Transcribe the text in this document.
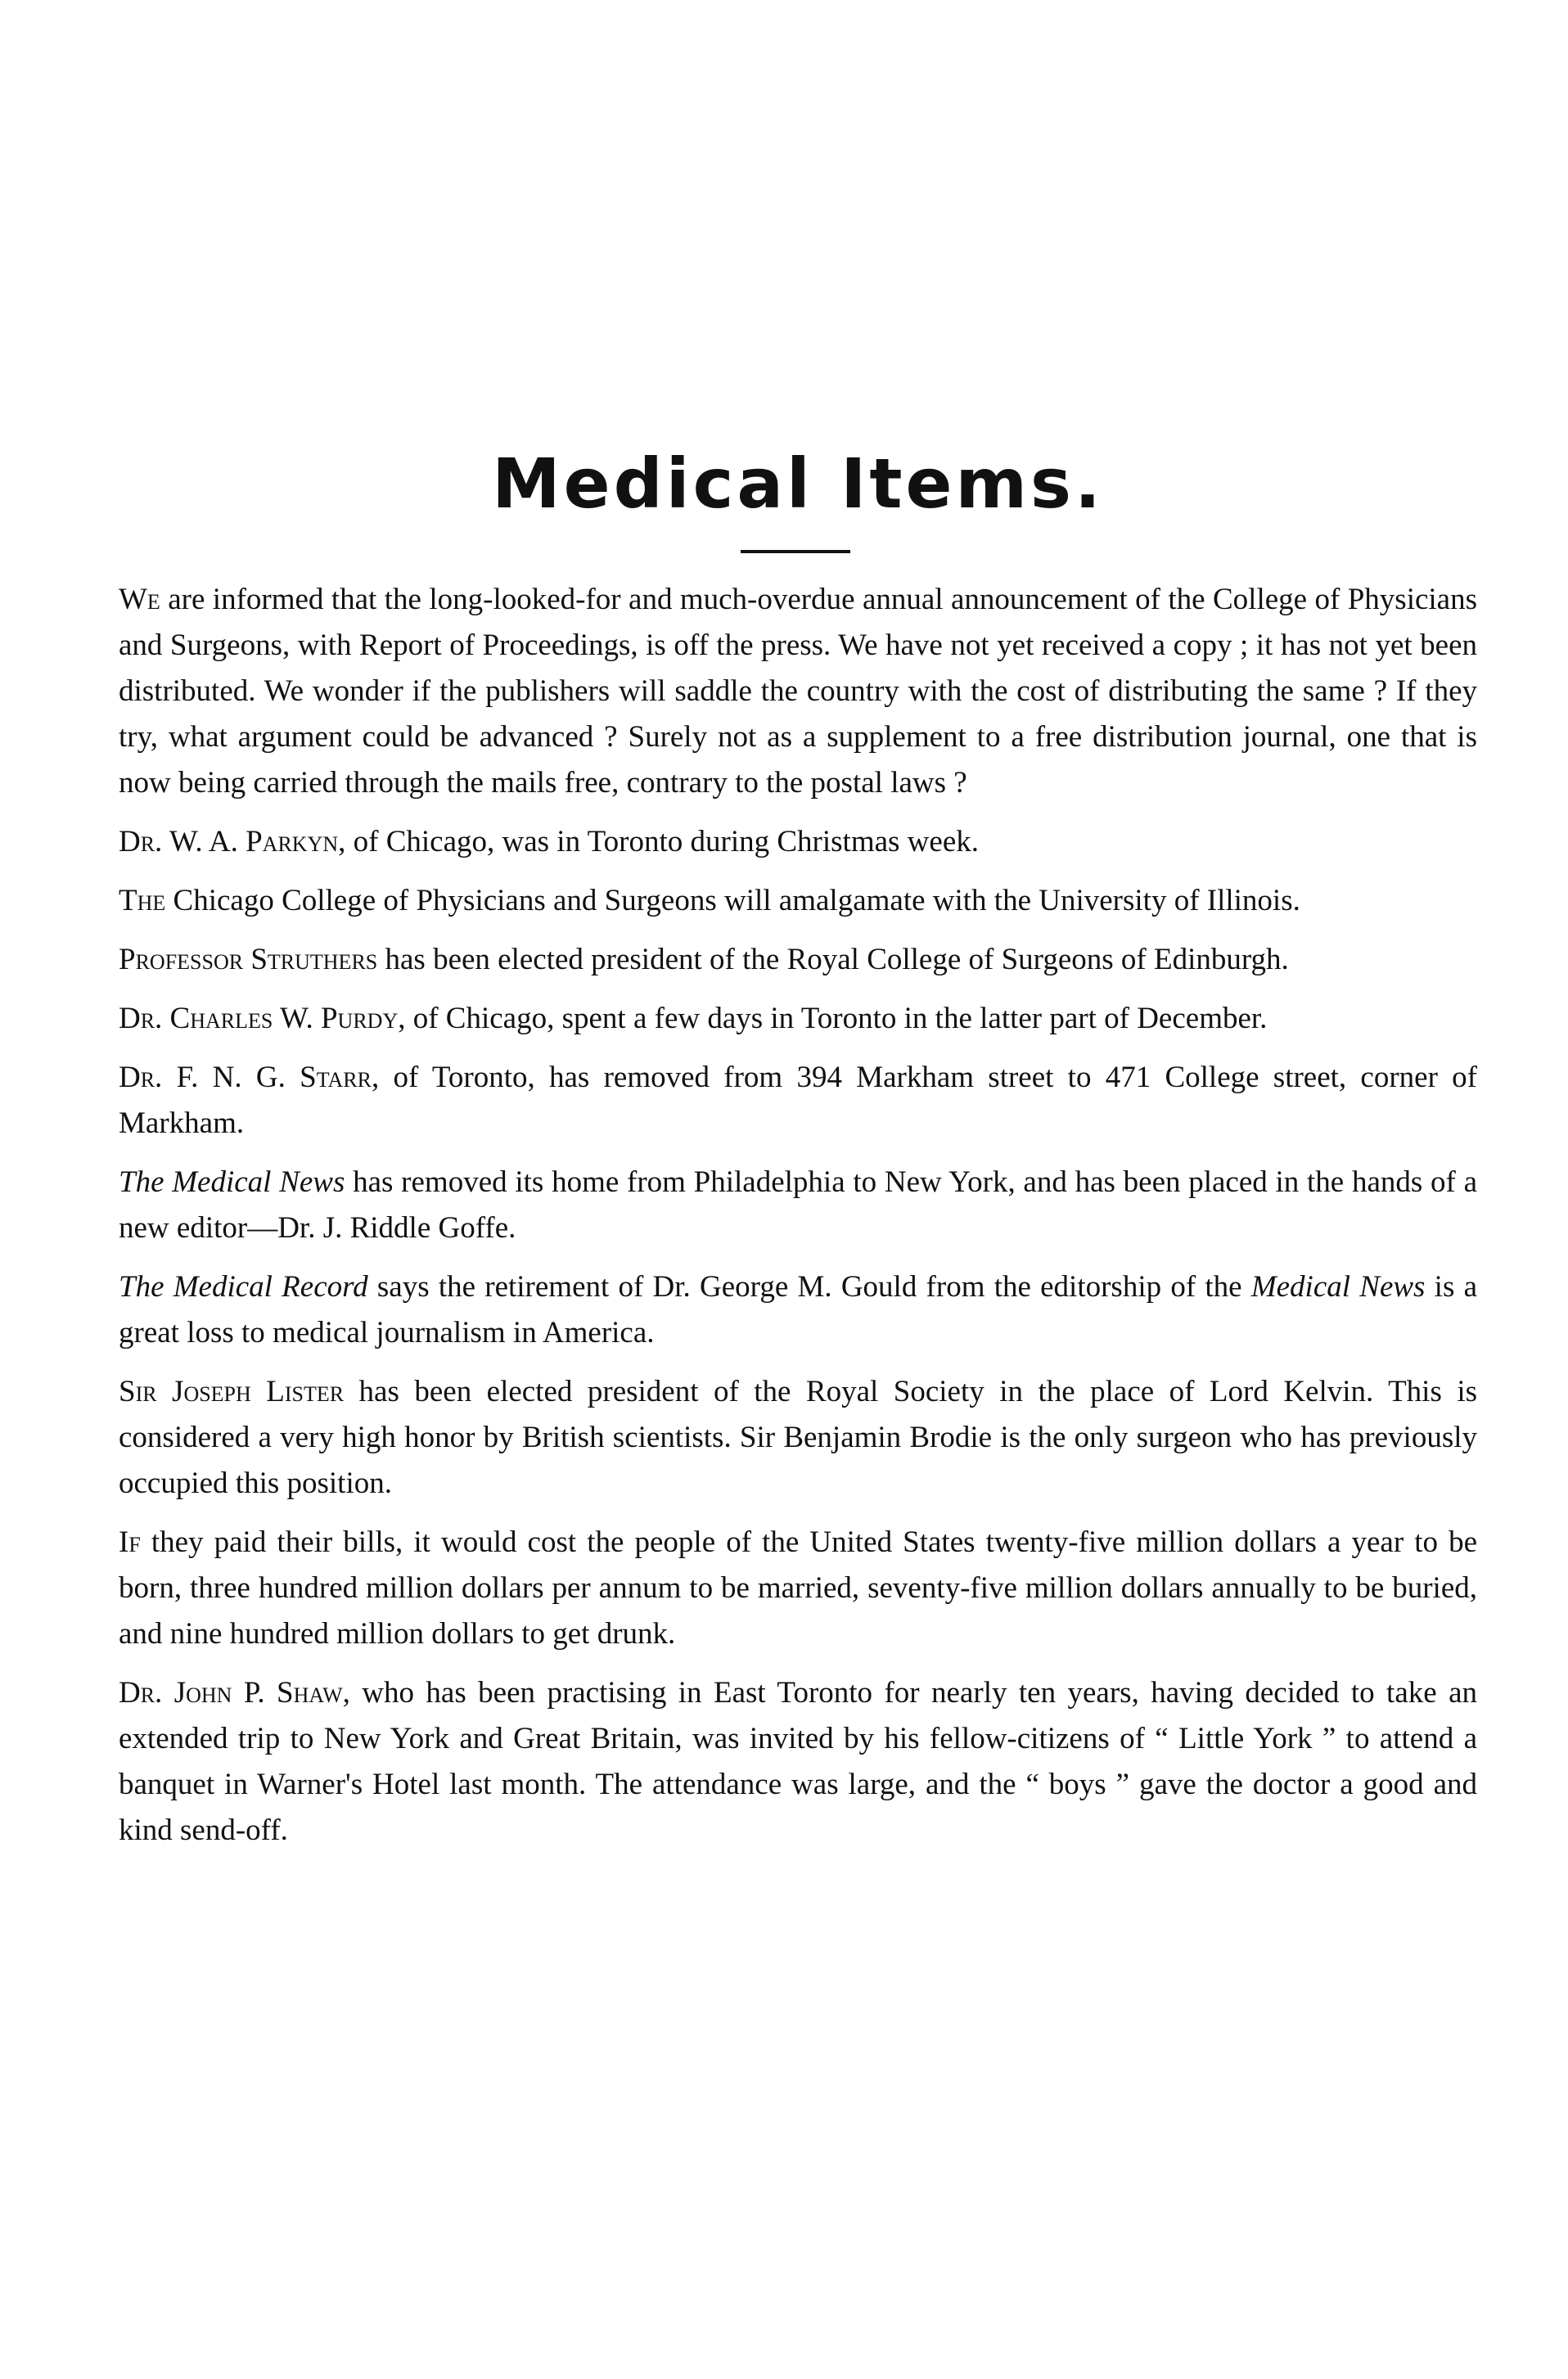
Medical Items.

We are informed that the long-looked-for and much-overdue annual announcement of the College of Physicians and Surgeons, with Report of Proceedings, is off the press. We have not yet received a copy ; it has not yet been distributed. We wonder if the publishers will saddle the country with the cost of distributing the same ? If they try, what argument could be advanced ? Surely not as a supplement to a free distribution journal, one that is now being carried through the mails free, contrary to the postal laws ?

Dr. W. A. Parkyn, of Chicago, was in Toronto during Christmas week.

The Chicago College of Physicians and Surgeons will amalgamate with the University of Illinois.

Professor Struthers has been elected president of the Royal College of Surgeons of Edinburgh.

Dr. Charles W. Purdy, of Chicago, spent a few days in Toronto in the latter part of December.

Dr. F. N. G. Starr, of Toronto, has removed from 394 Markham street to 471 College street, corner of Markham.

The Medical News has removed its home from Philadelphia to New York, and has been placed in the hands of a new editor—Dr. J. Riddle Goffe.

The Medical Record says the retirement of Dr. George M. Gould from the editorship of the Medical News is a great loss to medical journalism in America.

Sir Joseph Lister has been elected president of the Royal Society in the place of Lord Kelvin. This is considered a very high honor by British scientists. Sir Benjamin Brodie is the only surgeon who has previously occupied this position.

If they paid their bills, it would cost the people of the United States twenty-five million dollars a year to be born, three hundred million dollars per annum to be married, seventy-five million dollars annually to be buried, and nine hundred million dollars to get drunk.

Dr. John P. Shaw, who has been practising in East Toronto for nearly ten years, having decided to take an extended trip to New York and Great Britain, was invited by his fellow-citizens of “ Little York ” to attend a banquet in Warner's Hotel last month. The attendance was large, and the “ boys ” gave the doctor a good and kind send-off.
